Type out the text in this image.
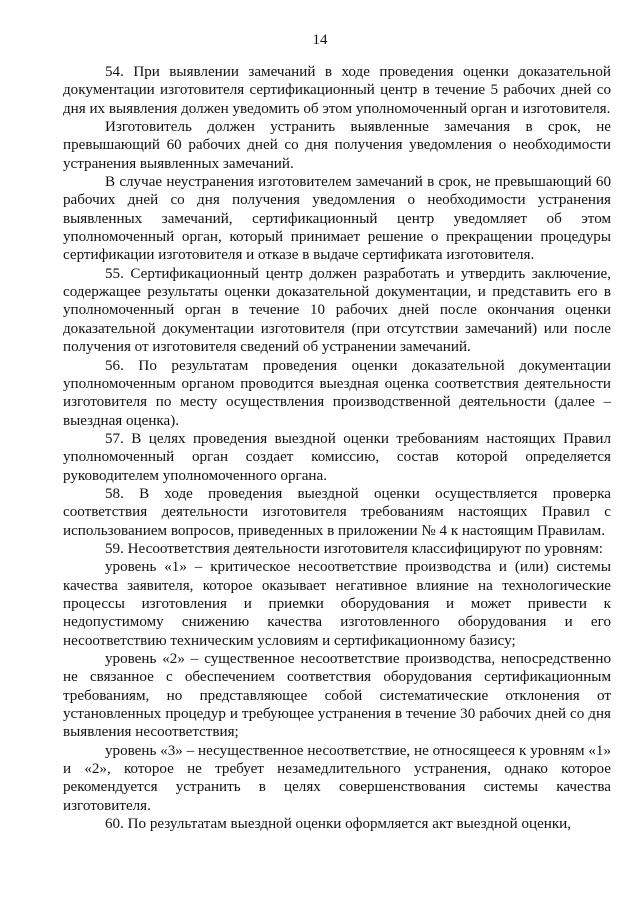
14

54. При выявлении замечаний в ходе проведения оценки доказательной документации изготовителя сертификационный центр в течение 5 рабочих дней со дня их выявления должен уведомить об этом уполномоченный орган и изготовителя.

Изготовитель должен устранить выявленные замечания в срок, не превышающий 60 рабочих дней со дня получения уведомления о необходимости устранения выявленных замечаний.

В случае неустранения изготовителем замечаний в срок, не превышающий 60 рабочих дней со дня получения уведомления о необходимости устранения выявленных замечаний, сертификационный центр уведомляет об этом уполномоченный орган, который принимает решение о прекращении процедуры сертификации изготовителя и отказе в выдаче сертификата изготовителя.

55. Сертификационный центр должен разработать и утвердить заключение, содержащее результаты оценки доказательной документации, и представить его в уполномоченный орган в течение 10 рабочих дней после окончания оценки доказательной документации изготовителя (при отсутствии замечаний) или после получения от изготовителя сведений об устранении замечаний.

56. По результатам проведения оценки доказательной документации уполномоченным органом проводится выездная оценка соответствия деятельности изготовителя по месту осуществления производственной деятельности (далее – выездная оценка).

57. В целях проведения выездной оценки требованиям настоящих Правил уполномоченный орган создает комиссию, состав которой определяется руководителем уполномоченного органа.

58. В ходе проведения выездной оценки осуществляется проверка соответствия деятельности изготовителя требованиям настоящих Правил с использованием вопросов, приведенных в приложении № 4 к настоящим Правилам.

59. Несоответствия деятельности изготовителя классифицируют по уровням:

уровень «1» – критическое несоответствие производства и (или) системы качества заявителя, которое оказывает негативное влияние на технологические процессы изготовления и приемки оборудования и может привести к недопустимому снижению качества изготовленного оборудования и его несоответствию техническим условиям и сертификационному базису;

уровень «2» – существенное несоответствие производства, непосредственно не связанное с обеспечением соответствия оборудования сертификационным требованиям, но представляющее собой систематические отклонения от установленных процедур и требующее устранения в течение 30 рабочих дней со дня выявления несоответствия;

уровень «3» – несущественное несоответствие, не относящееся к уровням «1» и «2», которое не требует незамедлительного устранения, однако которое рекомендуется устранить в целях совершенствования системы качества изготовителя.

60. По результатам выездной оценки оформляется акт выездной оценки,
